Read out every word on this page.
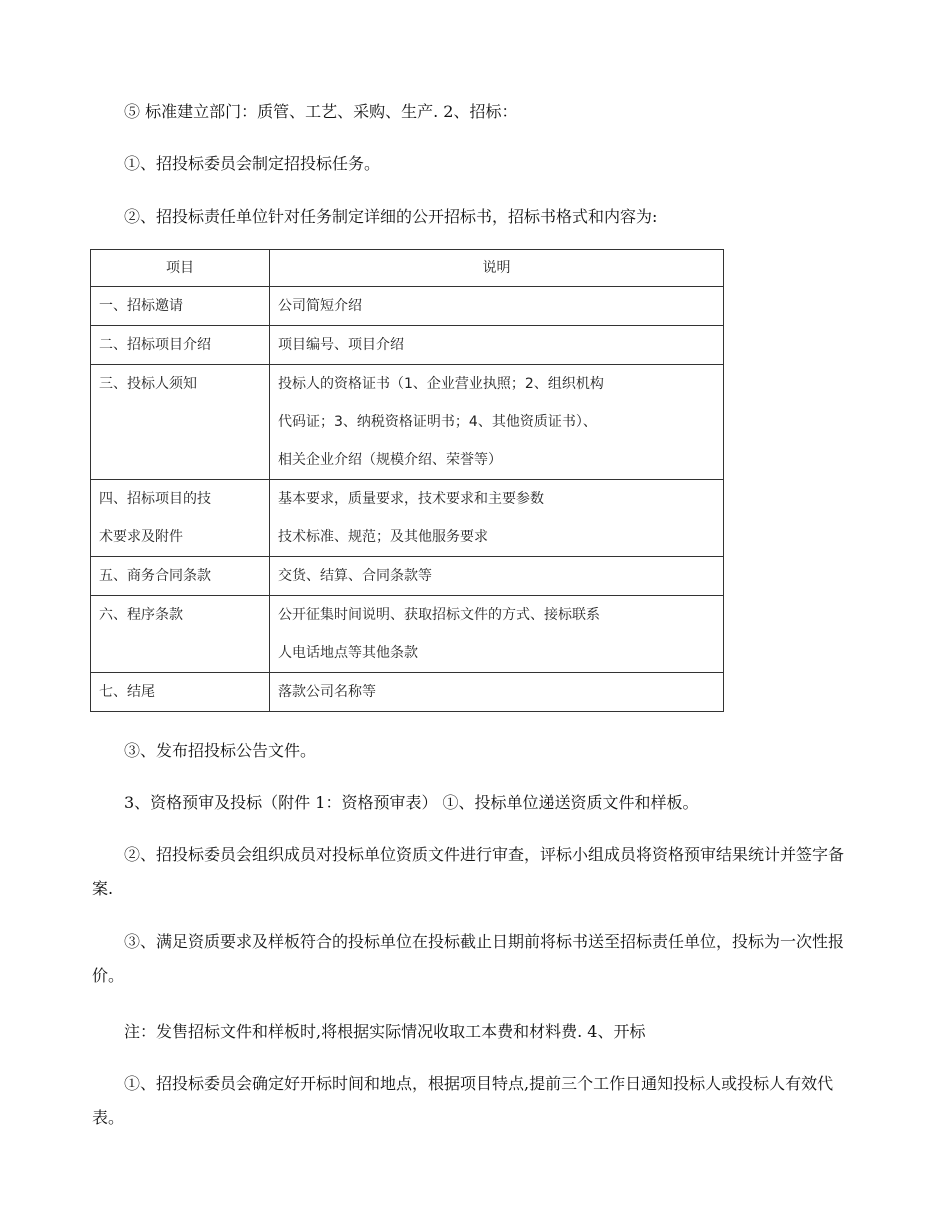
⑤ 标准建立部门：质管、工艺、采购、生产. 2、招标：

①、招投标委员会制定招投标任务。

②、招投标责任单位针对任务制定详细的公开招标书，招标书格式和内容为:

项目	说明

一、招标邀请	公司简短介绍

二、招标项目介绍	项目编号、项目介绍

三、投标人须知	投标人的资格证书（1、企业营业执照；2、组织机构
代码证；3、纳税资格证明书；4、其他资质证书）、
相关企业介绍（规模介绍、荣誉等）

四、招标项目的技
术要求及附件	基本要求，质量要求，技术要求和主要参数
技术标准、规范；及其他服务要求

五、商务合同条款	交货、结算、合同条款等

六、程序条款	公开征集时间说明、获取招标文件的方式、接标联系
人电话地点等其他条款

七、结尾	落款公司名称等

③、发布招投标公告文件。

3、资格预审及投标（附件 1：资格预审表） ①、投标单位递送资质文件和样板。

②、招投标委员会组织成员对投标单位资质文件进行审查，评标小组成员将资格预审结果统计并签字备案.

③、满足资质要求及样板符合的投标单位在投标截止日期前将标书送至招标责任单位，投标为一次性报价。

注：发售招标文件和样板时,将根据实际情况收取工本费和材料费. 4、开标

①、招投标委员会确定好开标时间和地点，根据项目特点,提前三个工作日通知投标人或投标人有效代表。
